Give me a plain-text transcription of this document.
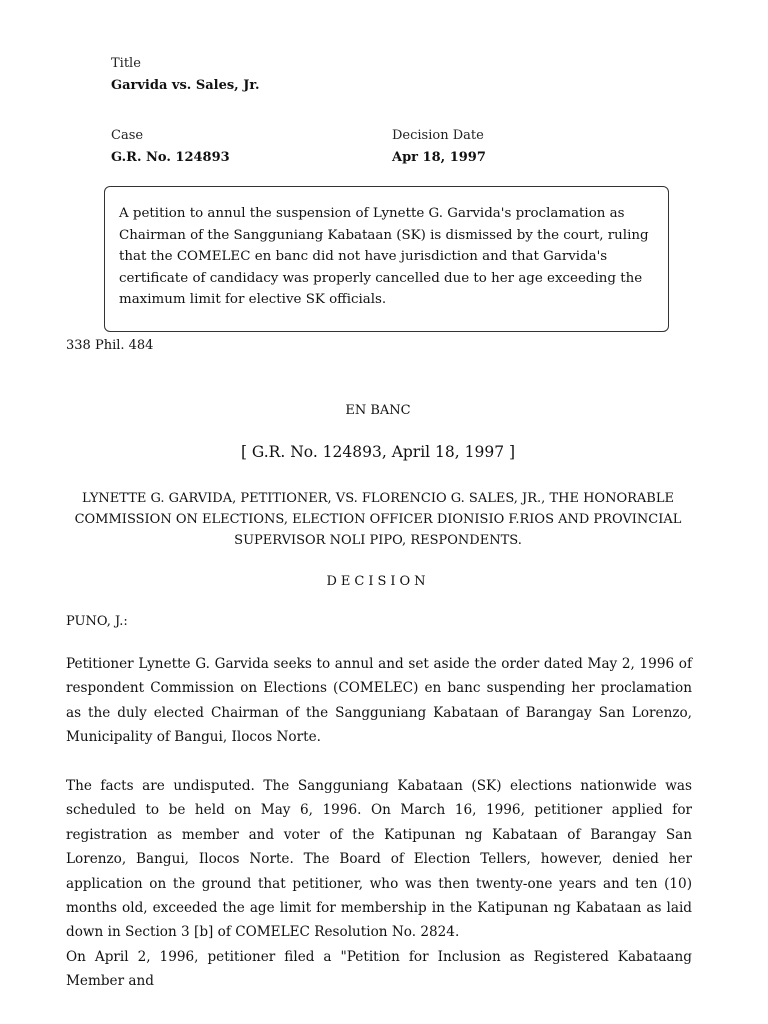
Title
Garvida vs. Sales, Jr.
Case
G.R. No. 124893
Decision Date
Apr 18, 1997

A petition to annul the suspension of Lynette G. Garvida's proclamation as Chairman of the Sangguniang Kabataan (SK) is dismissed by the court, ruling that the COMELEC en banc did not have jurisdiction and that Garvida's certificate of candidacy was properly cancelled due to her age exceeding the maximum limit for elective SK officials.

338 Phil. 484
EN BANC
[ G.R. No. 124893, April 18, 1997 ]
LYNETTE G. GARVIDA, PETITIONER, VS. FLORENCIO G. SALES, JR., THE HONORABLE COMMISSION ON ELECTIONS, ELECTION OFFICER DIONISIO F.RIOS AND PROVINCIAL SUPERVISOR NOLI PIPO, RESPONDENTS.
DECISION
PUNO, J.:

Petitioner Lynette G. Garvida seeks to annul and set aside the order dated May 2, 1996 of respondent Commission on Elections (COMELEC) en banc suspending her proclamation as the duly elected Chairman of the Sangguniang Kabataan of Barangay San Lorenzo, Municipality of Bangui, Ilocos Norte.

The facts are undisputed. The Sangguniang Kabataan (SK) elections nationwide was scheduled to be held on May 6, 1996. On March 16, 1996, petitioner applied for registration as member and voter of the Katipunan ng Kabataan of Barangay San Lorenzo, Bangui, Ilocos Norte. The Board of Election Tellers, however, denied her application on the ground that petitioner, who was then twenty-one years and ten (10) months old, exceeded the age limit for membership in the Katipunan ng Kabataan as laid down in Section 3 [b] of COMELEC Resolution No. 2824.

On April 2, 1996, petitioner filed a "Petition for Inclusion as Registered Kabataang Member and
